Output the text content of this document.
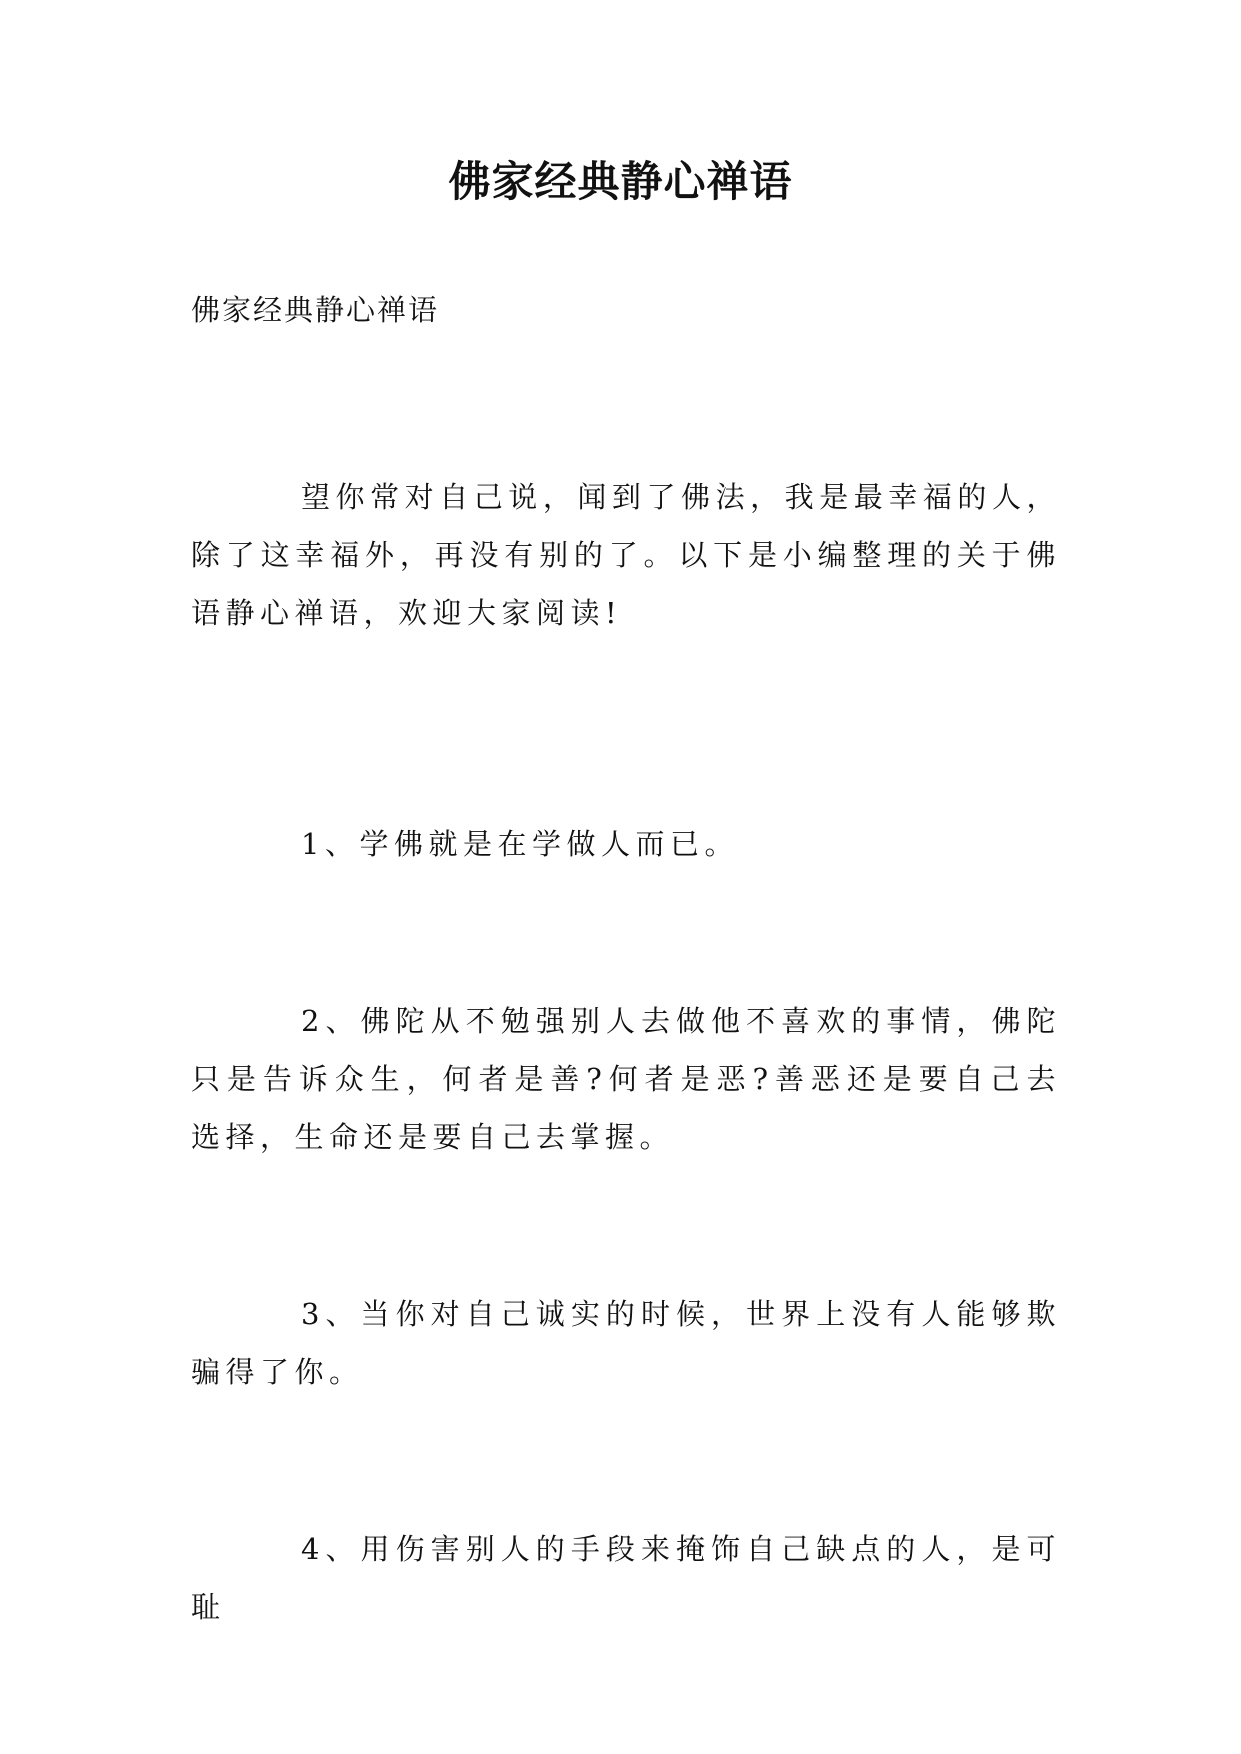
佛家经典静心禅语

佛家经典静心禅语

望你常对自己说，闻到了佛法，我是最幸福的人，除了这幸福外，再没有别的了。以下是小编整理的关于佛语静心禅语，欢迎大家阅读!

1、学佛就是在学做人而已。

2、佛陀从不勉强别人去做他不喜欢的事情，佛陀只是告诉众生，何者是善?何者是恶?善恶还是要自己去选择，生命还是要自己去掌握。

3、当你对自己诚实的时候，世界上没有人能够欺骗得了你。

4、用伤害别人的手段来掩饰自己缺点的人，是可耻
